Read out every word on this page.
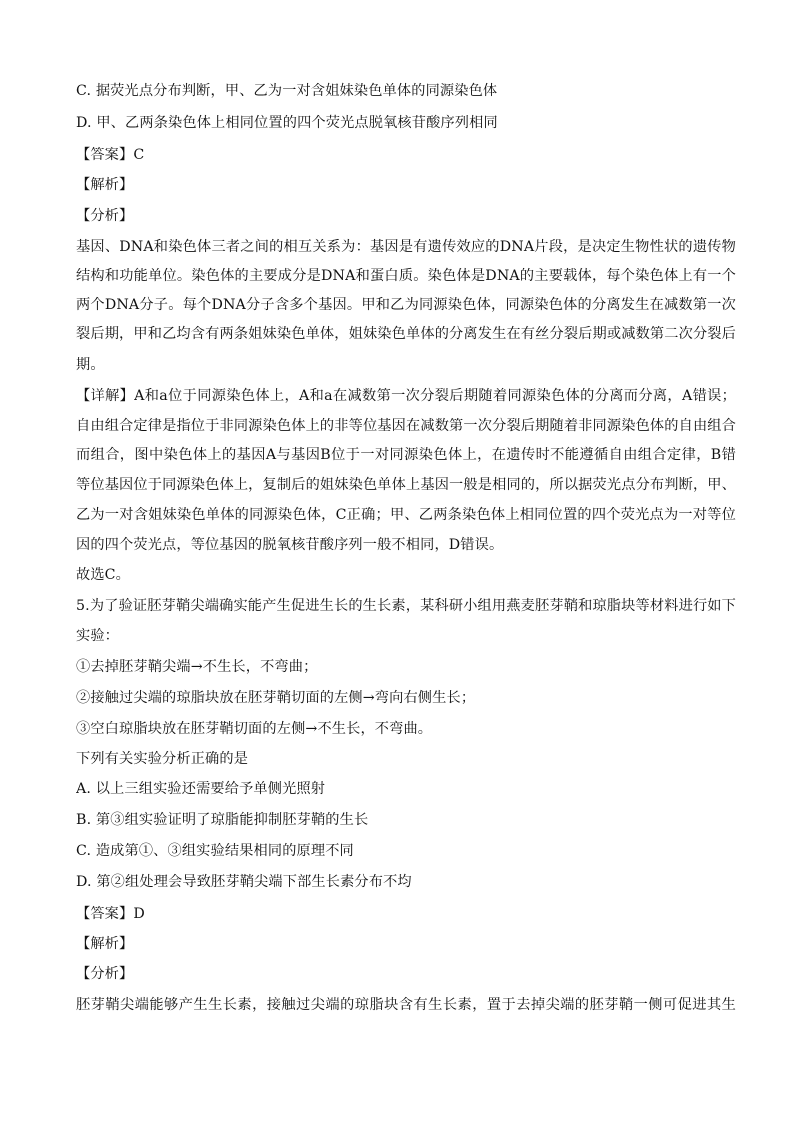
C. 据荧光点分布判断，甲、乙为一对含姐妹染色单体的同源染色体
D. 甲、乙两条染色体上相同位置的四个荧光点脱氧核苷酸序列相同
【答案】C
【解析】
【分析】
基因、DNA和染色体三者之间的相互关系为：基因是有遗传效应的DNA片段，是决定生物性状的遗传物
结构和功能单位。染色体的主要成分是DNA和蛋白质。染色体是DNA的主要载体，每个染色体上有一个
两个DNA分子。每个DNA分子含多个基因。甲和乙为同源染色体，同源染色体的分离发生在减数第一次
裂后期，甲和乙均含有两条姐妹染色单体，姐妹染色单体的分离发生在有丝分裂后期或减数第二次分裂后
期。
【详解】A和a位于同源染色体上，A和a在减数第一次分裂后期随着同源染色体的分离而分离，A错误；
自由组合定律是指位于非同源染色体上的非等位基因在减数第一次分裂后期随着非同源染色体的自由组合
而组合，图中染色体上的基因A与基因B位于一对同源染色体上，在遗传时不能遵循自由组合定律，B错
等位基因位于同源染色体上，复制后的姐妹染色单体上基因一般是相同的，所以据荧光点分布判断，甲、
乙为一对含姐妹染色单体的同源染色体，C正确；甲、乙两条染色体上相同位置的四个荧光点为一对等位
因的四个荧光点，等位基因的脱氧核苷酸序列一般不相同，D错误。
故选C。
5.为了验证胚芽鞘尖端确实能产生促进生长的生长素，某科研小组用燕麦胚芽鞘和琼脂块等材料进行如下
实验：
①去掉胚芽鞘尖端→不生长，不弯曲；
②接触过尖端的琼脂块放在胚芽鞘切面的左侧→弯向右侧生长；
③空白琼脂块放在胚芽鞘切面的左侧→不生长，不弯曲。
下列有关实验分析正确的是
A. 以上三组实验还需要给予单侧光照射
B. 第③组实验证明了琼脂能抑制胚芽鞘的生长
C. 造成第①、③组实验结果相同的原理不同
D. 第②组处理会导致胚芽鞘尖端下部生长素分布不均
【答案】D
【解析】
【分析】
胚芽鞘尖端能够产生生长素，接触过尖端的琼脂块含有生长素，置于去掉尖端的胚芽鞘一侧可促进其生
